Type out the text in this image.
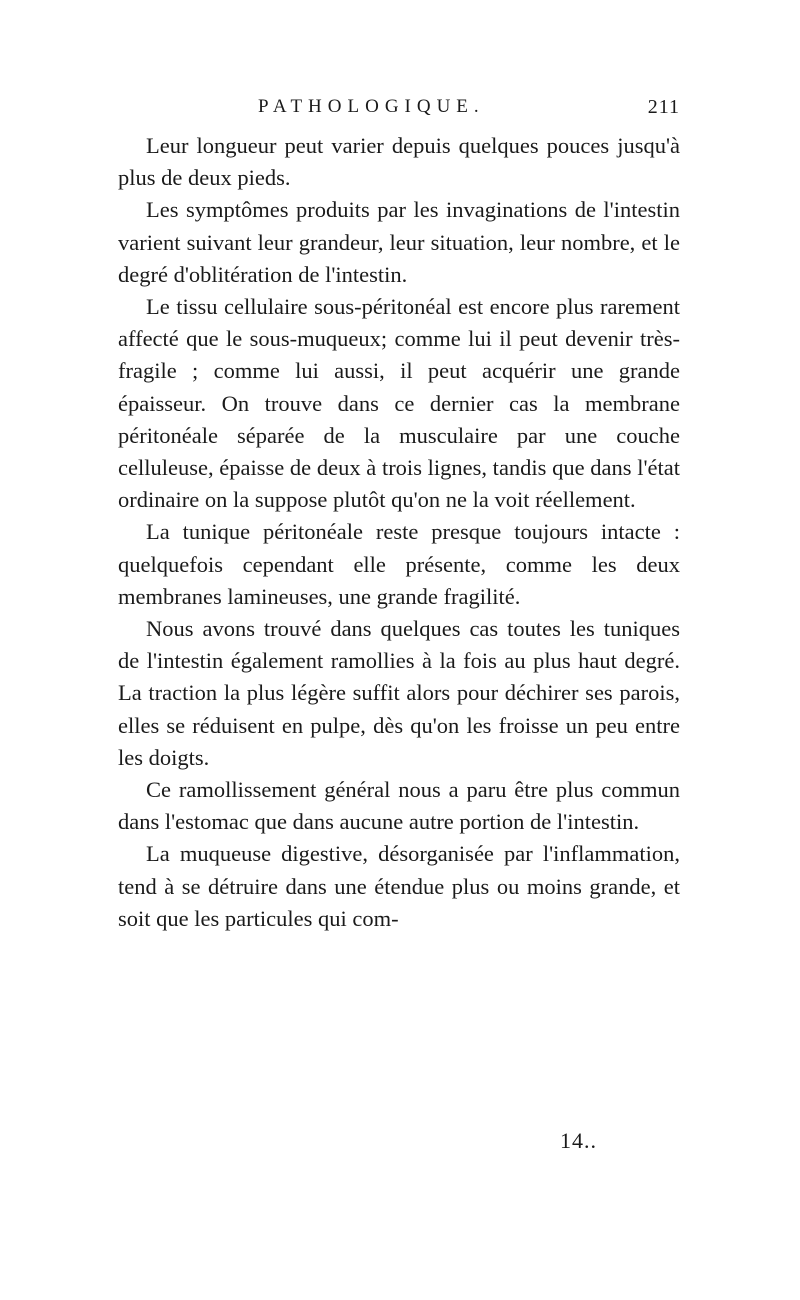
PATHOLOGIQUE.	211

Leur longueur peut varier depuis quelques pouces jusqu'à plus de deux pieds.

Les symptômes produits par les invaginations de l'intestin varient suivant leur grandeur, leur situation, leur nombre, et le degré d'oblitération de l'intestin.

Le tissu cellulaire sous-péritonéal est encore plus rarement affecté que le sous-muqueux; comme lui il peut devenir très-fragile ; comme lui aussi, il peut acquérir une grande épaisseur. On trouve dans ce dernier cas la membrane péritonéale séparée de la musculaire par une couche celluleuse, épaisse de deux à trois lignes, tandis que dans l'état ordinaire on la suppose plutôt qu'on ne la voit réellement.

La tunique péritonéale reste presque toujours intacte : quelquefois cependant elle présente, comme les deux membranes lamineuses, une grande fragilité.

Nous avons trouvé dans quelques cas toutes les tuniques de l'intestin également ramollies à la fois au plus haut degré. La traction la plus légère suffit alors pour déchirer ses parois, elles se réduisent en pulpe, dès qu'on les froisse un peu entre les doigts.

Ce ramollissement général nous a paru être plus commun dans l'estomac que dans aucune autre portion de l'intestin.

La muqueuse digestive, désorganisée par l'inflammation, tend à se détruire dans une étendue plus ou moins grande, et soit que les particules qui com-

14..
